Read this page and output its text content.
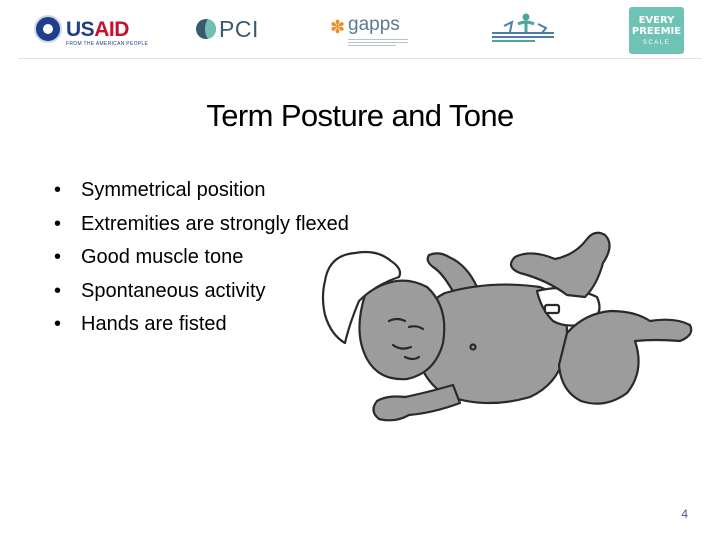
USAID
FROM THE AMERICAN PEOPLE
PCI	✽ gapps	EVERY
PREEMIE
SCALE
Term Posture and Tone
• Symmetrical position
• Extremities are strongly flexed
• Good muscle tone
• Spontaneous activity
• Hands are fisted
4
